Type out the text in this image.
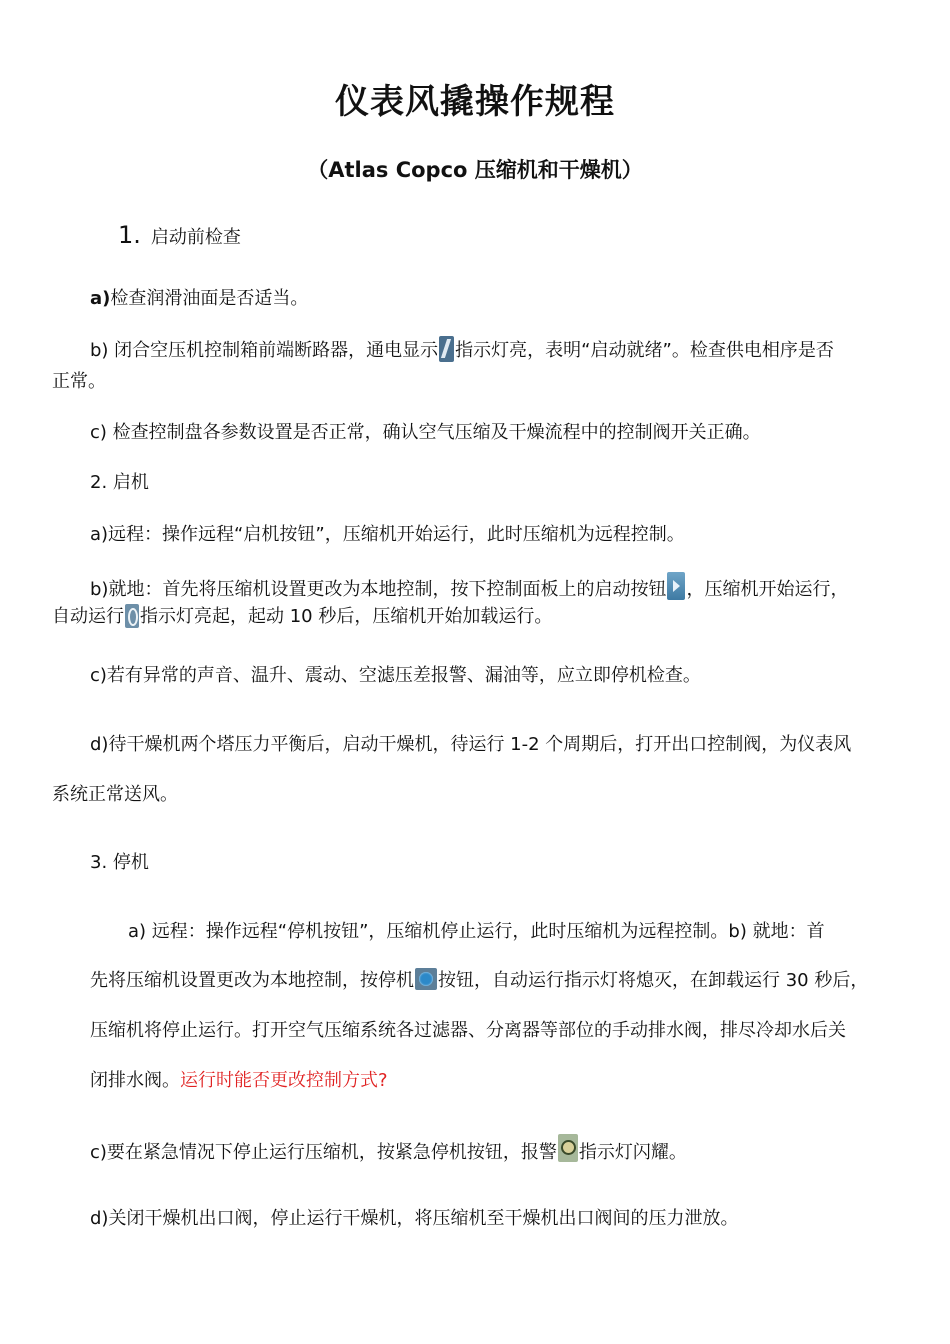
仪表风撬操作规程
（Atlas Copco 压缩机和干燥机）
1. 启动前检查
a)检查润滑油面是否适当。
b) 闭合空压机控制箱前端断路器，通电显示 指示灯亮，表明“启动就绪”。检查供电相序是否
正常。
c) 检查控制盘各参数设置是否正常，确认空气压缩及干燥流程中的控制阀开关正确。
2. 启机
a)远程：操作远程“启机按钮”，压缩机开始运行，此时压缩机为远程控制。
b)就地：首先将压缩机设置更改为本地控制，按下控制面板上的启动按钮 ，压缩机开始运行，
自动运行 指示灯亮起，起动 10 秒后，压缩机开始加载运行。
c)若有异常的声音、温升、震动、空滤压差报警、漏油等，应立即停机检查。
d)待干燥机两个塔压力平衡后，启动干燥机，待运行 1-2 个周期后，打开出口控制阀，为仪表风
系统正常送风。
3. 停机
a) 远程：操作远程“停机按钮”，压缩机停止运行，此时压缩机为远程控制。b) 就地：首
先将压缩机设置更改为本地控制，按停机 按钮，自动运行指示灯将熄灭，在卸载运行 30 秒后，
压缩机将停止运行。打开空气压缩系统各过滤器、分离器等部位的手动排水阀，排尽冷却水后关
闭排水阀。运行时能否更改控制方式?
c)要在紧急情况下停止运行压缩机，按紧急停机按钮，报警 指示灯闪耀。
d)关闭干燥机出口阀，停止运行干燥机，将压缩机至干燥机出口阀间的压力泄放。
